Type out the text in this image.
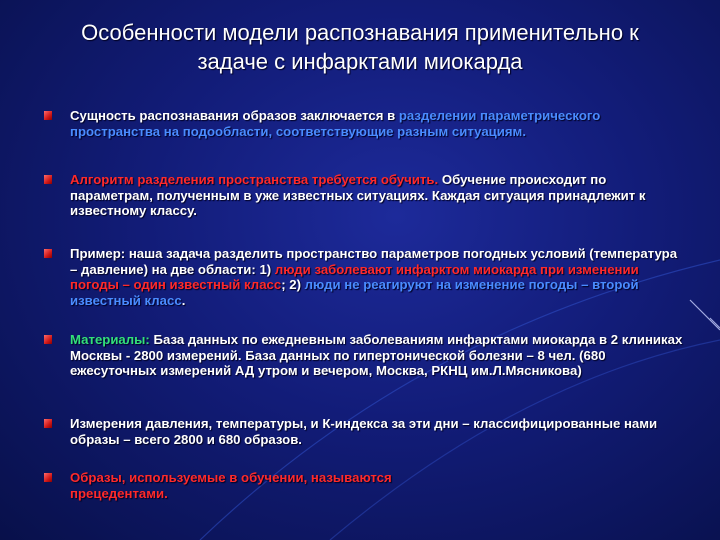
Особенности модели распознавания применительно к
задаче с инфарктами миокарда
Сущность распознавания образов заключается в разделении параметрического пространства на подообласти, соответствующие разным ситуациям.
Алгоритм разделения пространства требуется обучить. Обучение происходит по параметрам, полученным в уже известных ситуациях. Каждая ситуация принадлежит к известному классу.
Пример: наша задача разделить пространство параметров погодных условий (температура – давление) на две области: 1) люди заболевают инфарктом миокарда при изменении погоды – один известный класс; 2) люди не реагируют на изменение погоды – второй известный класс.
Материалы: База данных по ежедневным заболеваниям инфарктами миокарда в 2 клиниках Москвы - 2800 измерений. База данных по гипертонической болезни – 8 чел. (680 ежесуточных измерений АД утром и вечером, Москва, РКНЦ им.Л.Мясникова)
Измерения давления, температуры, и К-индекса за эти дни – классифицированные нами образы – всего 2800 и 680 образов.
Образы, используемые в обучении, называются прецедентами.
